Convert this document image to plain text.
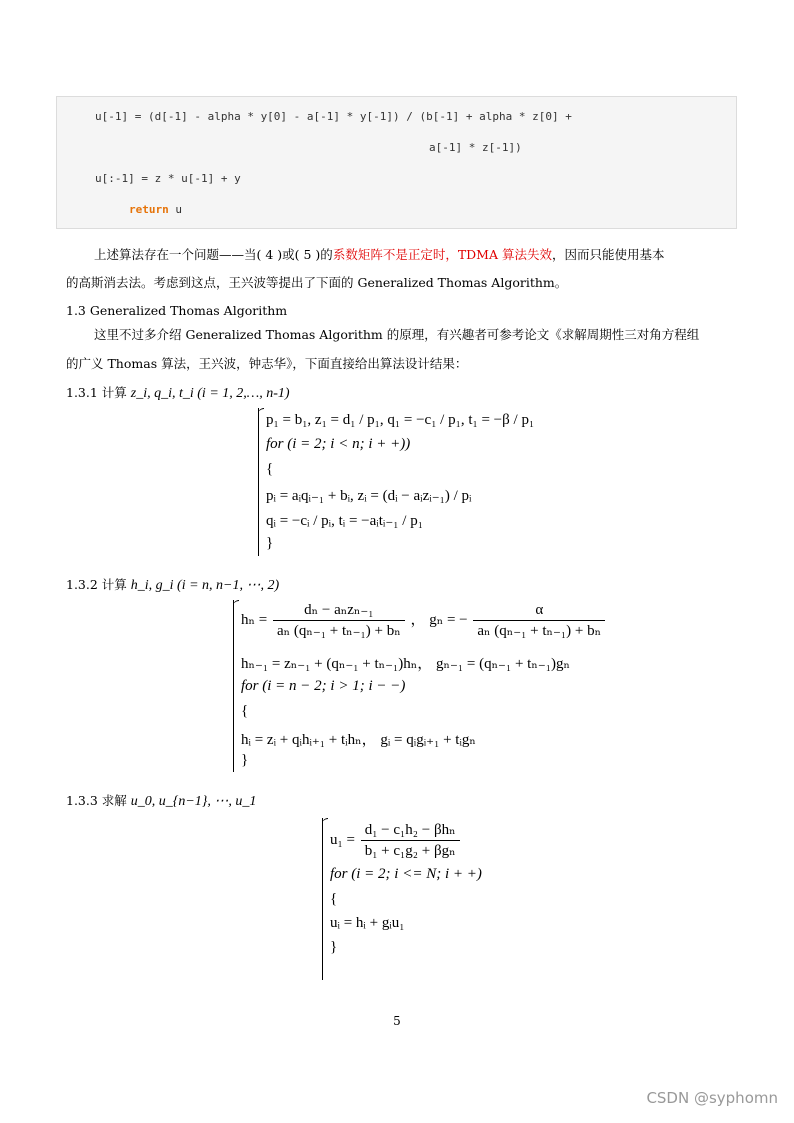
u[-1] = (d[-1] - alpha * y[0] - a[-1] * y[-1]) / (b[-1] + alpha * z[0] +
a[-1] * z[-1])
u[:-1] = z * u[-1] + y
return u
上述算法存在一个问题——当( 4 )或( 5 )的系数矩阵不是正定时，TDMA 算法失效，因而只能使用基本
的高斯消去法。考虑到这点，王兴波等提出了下面的 Generalized Thomas Algorithm。
1.3 Generalized Thomas Algorithm
这里不过多介绍 Generalized Thomas Algorithm 的原理，有兴趣者可参考论文《求解周期性三对角方程组
的广义 Thomas 算法，王兴波，钟志华》，下面直接给出算法设计结果：
1.3.1 计算 z_i, q_i, t_i (i = 1, 2,…, n-1)
p₁ = b₁, z₁ = d₁ / p₁, q₁ = −c₁ / p₁, t₁ = −β / p₁
for (i = 2; i < n; i + +))
{
pᵢ = aᵢqᵢ₋₁ + bᵢ, zᵢ = (dᵢ − aᵢzᵢ₋₁) / pᵢ
qᵢ = −cᵢ / pᵢ, tᵢ = −aᵢtᵢ₋₁ / p₁
}
1.3.2 计算 h_i, g_i (i = n, n−1, ⋯, 2)
$h_n = \frac{\text{dₙ − aₙzₙ₋₁}}{\text{aₙ (qₙ₋₁ + tₙ₋₁) + bₙ}}$ ， gₙ = − $\frac{\alpha}{\text{aₙ (qₙ₋₁ + tₙ₋₁) + bₙ}}$
hₙ₋₁ = zₙ₋₁ + (qₙ₋₁ + tₙ₋₁)hₙ， gₙ₋₁ = (qₙ₋₁ + tₙ₋₁)gₙ
for (i = n − 2; i > 1; i − −)
{
hᵢ = zᵢ + qᵢhᵢ₊₁ + tᵢhₙ， gᵢ = qᵢgᵢ₊₁ + tᵢgₙ
}
1.3.3 求解 u_0, u_{n−1}, ⋯, u_1
$u_1 = \frac{\text{d₁ − c₁h₂ − βhₙ}}{\text{b₁ + c₁g₂ + βgₙ}}$
for (i = 2; i <= N; i + +)
{
uᵢ = hᵢ + gᵢu₁
}
5
CSDN @syphomn
